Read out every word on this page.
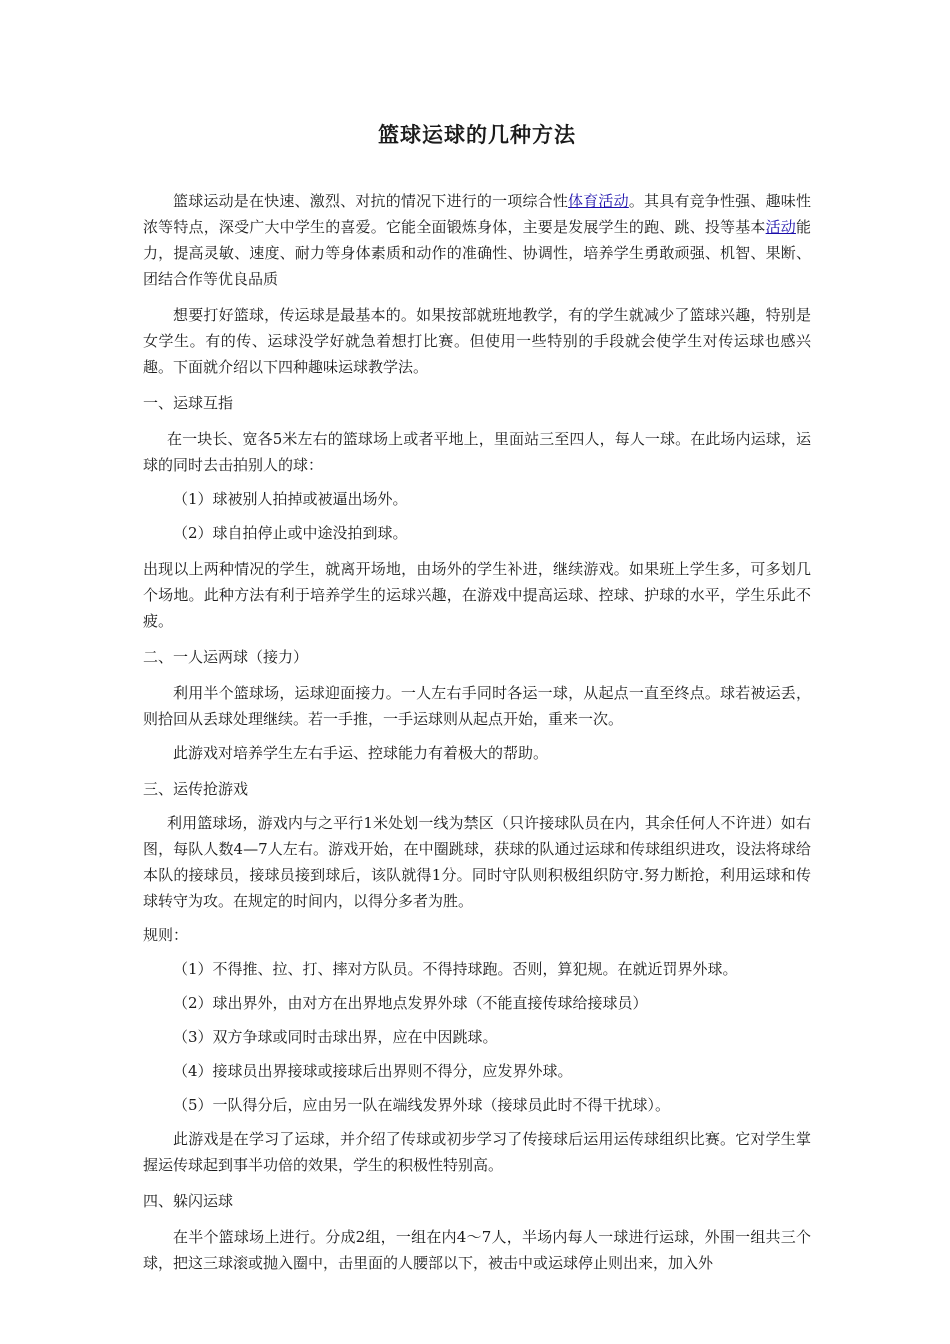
篮球运球的几种方法

篮球运动是在快速、激烈、对抗的情况下进行的一项综合性体育活动。其具有竞争性强、趣味性浓等特点，深受广大中学生的喜爱。它能全面锻炼身体，主要是发展学生的跑、跳、投等基本活动能力，提高灵敏、速度、耐力等身体素质和动作的准确性、协调性，培养学生勇敢顽强、机智、果断、团结合作等优良品质

想要打好篮球，传运球是最基本的。如果按部就班地教学，有的学生就减少了篮球兴趣，特别是女学生。有的传、运球没学好就急着想打比赛。但使用一些特别的手段就会使学生对传运球也感兴趣。下面就介绍以下四种趣味运球教学法。

一、运球互指

在一块长、宽各5米左右的篮球场上或者平地上，里面站三至四人，每人一球。在此场内运球，运球的同时去击拍别人的球：

（1）球被别人拍掉或被逼出场外。

（2）球自拍停止或中途没拍到球。

出现以上两种情况的学生，就离开场地，由场外的学生补进，继续游戏。如果班上学生多，可多划几个场地。此种方法有利于培养学生的运球兴趣，在游戏中提高运球、控球、护球的水平，学生乐此不疲。

二、一人运两球（接力）

利用半个篮球场，运球迎面接力。一人左右手同时各运一球，从起点一直至终点。球若被运丢，则拾回从丢球处理继续。若一手推，一手运球则从起点开始，重来一次。

此游戏对培养学生左右手运、控球能力有着极大的帮助。

三、运传抢游戏

利用篮球场，游戏内与之平行1米处划一线为禁区（只许接球队员在内，其余任何人不许进）如右图，每队人数4—7人左右。游戏开始，在中圈跳球，获球的队通过运球和传球组织进攻，设法将球给本队的接球员，接球员接到球后，该队就得1分。同时守队则积极组织防守.努力断抢，利用运球和传球转守为攻。在规定的时间内，以得分多者为胜。

规则：

（1）不得推、拉、打、摔对方队员。不得持球跑。否则，算犯规。在就近罚界外球。

（2）球出界外，由对方在出界地点发界外球（不能直接传球给接球员）

（3）双方争球或同时击球出界，应在中因跳球。

（4）接球员出界接球或接球后出界则不得分，应发界外球。

（5）一队得分后，应由另一队在端线发界外球（接球员此时不得干扰球）。

此游戏是在学习了运球，并介绍了传球或初步学习了传接球后运用运传球组织比赛。它对学生掌握运传球起到事半功倍的效果，学生的积极性特别高。

四、躲闪运球

在半个篮球场上进行。分成2组，一组在内4～7人，半场内每人一球进行运球，外围一组共三个球，把这三球滚或抛入圈中，击里面的人腰部以下，被击中或运球停止则出来，加入外
